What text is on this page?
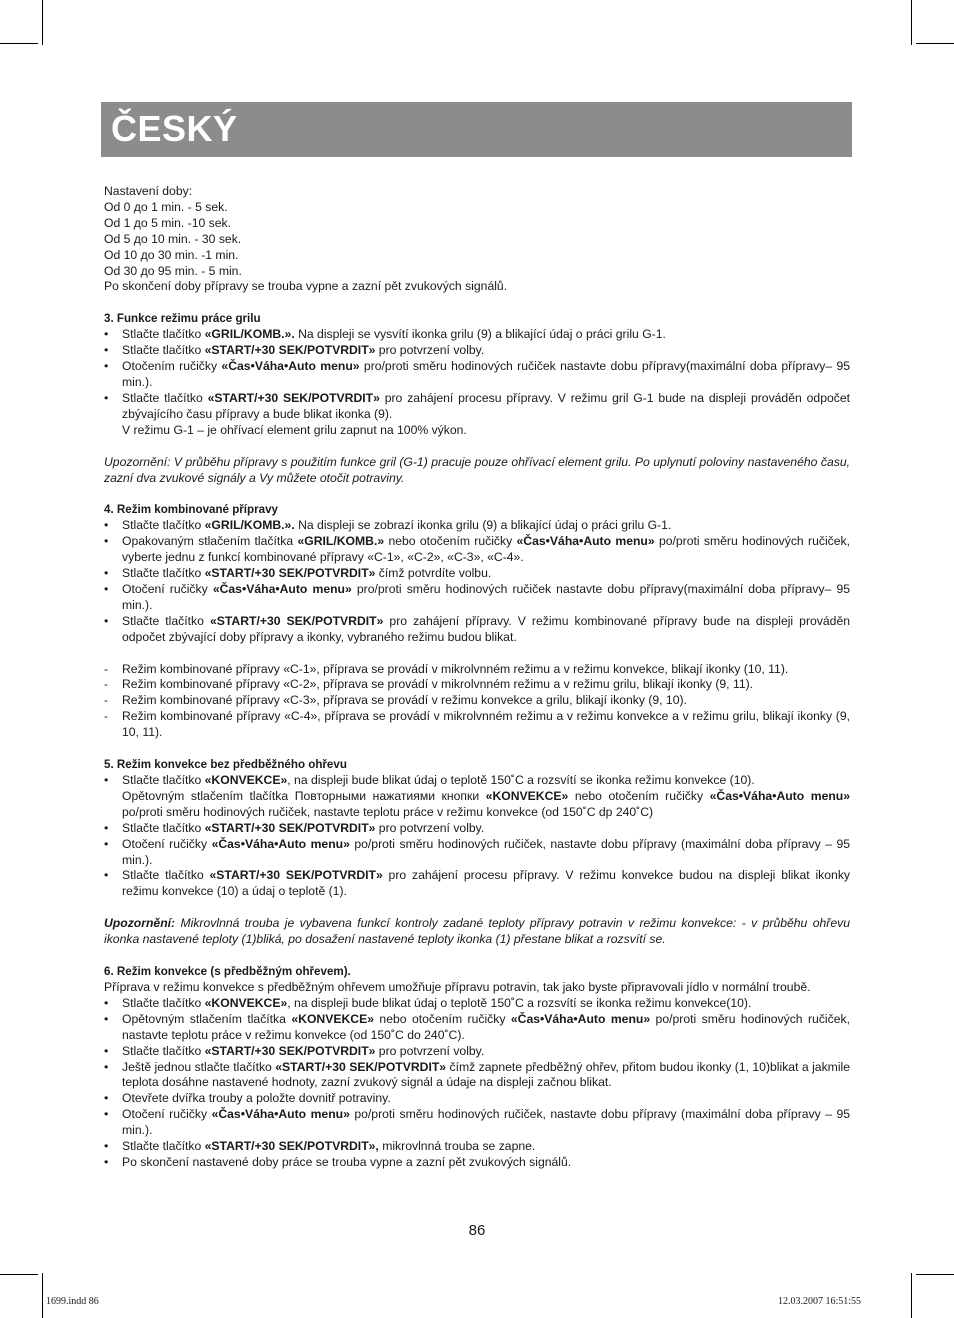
ČESKÝ

Nastavení doby:

Od 0 до 1 min. - 5 sek.

Od 1 до 5 min. -10 sek.

Od 5 до 10 min. - 30 sek.

Od 10 до 30 min. -1 min.

Od 30 до 95 min. - 5 min.

Po skončení doby přípravy se trouba vypne a zazní pět zvukových signálů.

3. Funkce režimu práce grilu

• Stlačte tlačítko «GRIL/KOMB.». Na displeji se vysvítí ikonka grilu (9) a blikající údaj o práci grilu G-1.
• Stlačte tlačítko «START/+30 SEK/POTVRDIT» pro potvrzení volby.
• Otočením ručičky «Čas•Váha•Auto menu» pro/proti směru hodinových ručiček nastavte dobu přípravy(maximální doba přípravy– 95 min.).
• Stlačte tlačítko «START/+30 SEK/POTVRDIT» pro zahájení procesu přípravy. V režimu gril G-1 bude na displeji prováděn odpočet zbývajícího času přípravy a bude blikat ikonka (9).
V režimu G-1 – je ohřívací element grilu zapnut na 100% výkon.

Upozornění: V průběhu přípravy s použitím funkce gril (G-1) pracuje pouze ohřívací element grilu. Po uplynutí poloviny nastaveného času, zazní dva zvukové signály a Vy můžete otočit potraviny.

4. Režim kombinované přípravy

• Stlačte tlačítko «GRIL/KOMB.». Na displeji se zobrazí ikonka grilu (9) a blikající údaj o práci grilu G-1.
• Opakovaným stlačením tlačítka «GRIL/KOMB.» nebo otočením ručičky «Čas•Váha•Auto menu» po/proti směru hodinových ručiček, vyberte jednu z funkcí kombinované přípravy «C-1», «C-2», «C-3», «C-4».
• Stlačte tlačítko «START/+30 SEK/POTVRDIT» čímž potvrdíte volbu.
• Otočení ručičky «Čas•Váha•Auto menu» pro/proti směru hodinových ručiček nastavte dobu přípravy(maximální doba přípravy– 95 min.).
• Stlačte tlačítko «START/+30 SEK/POTVRDIT» pro zahájení přípravy. V režimu kombinované přípravy bude na displeji prováděn odpočet zbývající doby přípravy a ikonky, vybraného režimu budou blikat.
- Režim kombinované přípravy «C-1», příprava se provádí v mikrolvnném režimu a v režimu konvekce, blikají ikonky (10, 11).
- Režim kombinované přípravy «C-2», příprava se provádí v mikrolvnném režimu a v režimu grilu, blikají ikonky (9, 11).
- Režim kombinované přípravy «C-3», příprava se provádí v režimu konvekce a grilu, blikají ikonky (9, 10).
- Režim kombinované přípravy «C-4», příprava se provádí v mikrolvnném režimu a v režimu konvekce a v režimu grilu, blikají ikonky (9, 10, 11).

5. Režim konvekce bez předběžného ohřevu

• Stlačte tlačítko «KONVEKCE», na displeji bude blikat údaj o teplotě 150˚C a rozsvítí se ikonka režimu konvekce (10).
Opětovným stlačením tlačítka Повторными нажатиями кнопки «KONVEKCE» nebo otočením ručičky «Čas•Váha•Auto menu» po/proti směru hodinových ručiček, nastavte teplotu práce v režimu konvekce (od 150˚C dp 240˚C)
• Stlačte tlačítko «START/+30 SEK/POTVRDIT» pro potvrzení volby.
• Otočení ručičky «Čas•Váha•Auto menu» po/proti směru hodinových ručiček, nastavte dobu přípravy (maximální doba přípravy – 95 min.).
• Stlačte tlačítko «START/+30 SEK/POTVRDIT» pro zahájení procesu přípravy. V režimu konvekce budou na displeji blikat ikonky režimu konvekce (10) a údaj o teplotě (1).

Upozornění: Mikrovlnná trouba je vybavena funkcí kontroly zadané teploty přípravy potravin v režimu konvekce: - v průběhu ohřevu ikonka nastavené teploty (1)bliká, po dosažení nastavené teploty ikonka (1) přestane blikat a rozsvítí se.

6. Režim konvekce (s předběžným ohřevem).

Příprava v režimu konvekce s předběžným ohřevem umožňuje přípravu potravin, tak jako byste připravovali jídlo v normální troubě.

• Stlačte tlačítko «KONVEKCE», na displeji bude blikat údaj o teplotě 150˚C a rozsvítí se ikonka režimu konvekce(10).
• Opětovným stlačením tlačítka «KONVEKCE» nebo otočením ručičky «Čas•Váha•Auto menu» po/proti směru hodinových ručiček, nastavte teplotu práce v režimu konvekce (od 150˚C do 240˚C).
• Stlačte tlačítko «START/+30 SEK/POTVRDIT» pro potvrzení volby.
• Ještě jednou stlačte tlačítko «START/+30 SEK/POTVRDIT» čímž zapnete předběžný ohřev, přitom budou ikonky (1, 10)blikat a jakmile teplota dosáhne nastavené hodnoty, zazní zvukový signál a údaje na displeji začnou blikat.
• Otevřete dvířka trouby a položte dovnitř potraviny.
• Otočení ručičky «Čas•Váha•Auto menu» po/proti směru hodinových ručiček, nastavte dobu přípravy (maximální doba přípravy – 95 min.).
• Stlačte tlačítko «START/+30 SEK/POTVRDIT», mikrovlnná trouba se zapne.
• Po skončení nastavené doby práce se trouba vypne a zazní pět zvukových signálů.
86
1699.indd 86	12.03.2007 16:51:55
